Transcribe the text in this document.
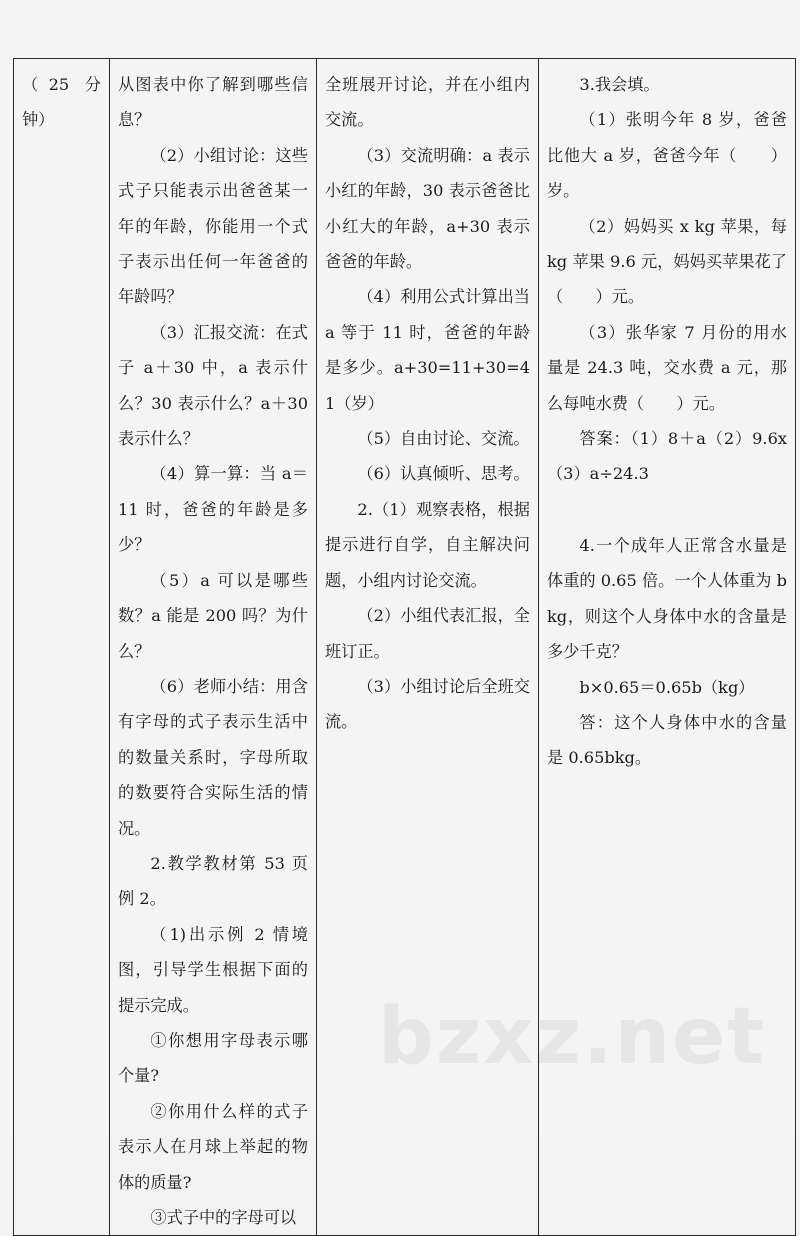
（25 分钟）

从图表中你了解到哪些信息？
（2）小组讨论：这些式子只能表示出爸爸某一年的年龄，你能用一个式子表示出任何一年爸爸的年龄吗？
（3）汇报交流：在式子 a＋30 中，a 表示什么？30 表示什么？a＋30 表示什么？
（4）算一算：当 a＝11 时，爸爸的年龄是多少？
（5）a 可以是哪些数？a 能是 200 吗？为什么？
（6）老师小结：用含有字母的式子表示生活中的数量关系时，字母所取的数要符合实际生活的情况。
2.教学教材第 53 页例 2。
（1)出示例 2 情境图，引导学生根据下面的提示完成。
①你想用字母表示哪个量?
②你用什么样的式子表示人在月球上举起的物体的质量?
③式子中的字母可以

全班展开讨论，并在小组内交流。
（3）交流明确：a 表示小红的年龄，30 表示爸爸比小红大的年龄，a+30 表示爸爸的年龄。
（4）利用公式计算出当 a 等于 11 时，爸爸的年龄是多少。a+30=11+30=41（岁）
（5）自由讨论、交流。
（6）认真倾听、思考。
2.（1）观察表格，根据提示进行自学，自主解决问题，小组内讨论交流。
（2）小组代表汇报，全班订正。
（3）小组讨论后全班交流。

3.我会填。
（1）张明今年 8 岁，爸爸比他大 a 岁，爸爸今年（　　）岁。
（2）妈妈买 x kg 苹果，每 kg 苹果 9.6 元，妈妈买苹果花了（　　）元。
（3）张华家 7 月份的用水量是 24.3 吨，交水费 a 元，那么每吨水费（　　）元。
答案：（1）8＋a（2）9.6x（3）a÷24.3
4.一个成年人正常含水量是体重的 0.65 倍。一个人体重为 b kg，则这个人身体中水的含量是多少千克？
b×0.65＝0.65b（kg）
答：这个人身体中水的含量是 0.65bkg。
bzxz.net
